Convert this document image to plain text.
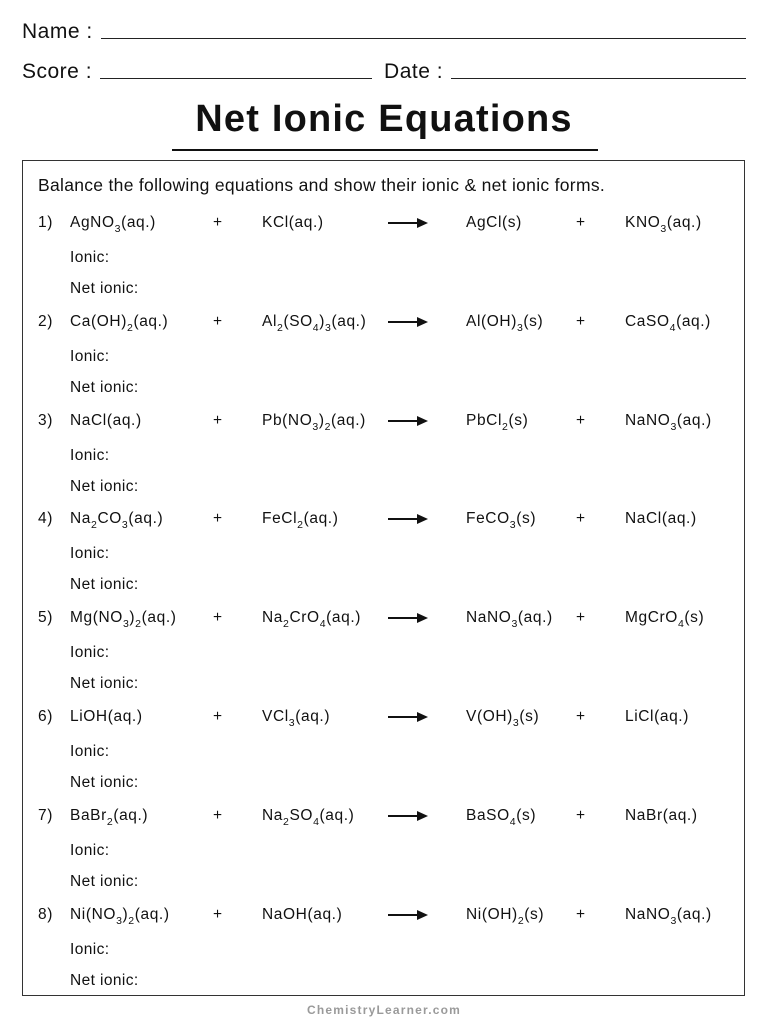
Name :
Score :	Date :
Net Ionic Equations
Balance the following equations and show their ionic & net ionic forms.
1) AgNO$_3$(aq.)	+	KCl(aq.)	AgCl(s)	+	$KNO_3(aq.)$
Ionic:
Net ionic:
2) $Ca(OH)_2(aq.)$	+	$Al_2(SO_4)_3(aq.) \to Al(OH)_3(s)$ +	CaSO$_4$(aq.)
Ionic:
Net ionic:
3) NaCl(aq.)	+	$Pb(NO_3)_2(aq.)$ → PbCl$_2$(s)	+	NaNO$_3$(aq.)
Ionic:
Net ionic:
4) $Na_2CO_3(aq.)$	+	FeCl$_2$(aq.)	FeCO$_3$(s)	+	NaCl(aq.)
Ionic:
Net ionic:
5) $Mg(NO_3)_2(aq.)$ +	$Na_2CrO_4(aq.)$	NaNO$_3$(aq.) +	MgCrO$_4$(s)
Ionic:
Net ionic:
6) LiOH(aq.)	+	VCl$_3$(aq.)	$V(OH)_3(s)$ +	LiCl(aq.)
Ionic:
Net ionic:
7) BaBr$_2$(aq.)	+	$Na_2SO_4(aq.)$	BaSO$_4$(s)	+	NaBr(aq.)
Ionic:
Net ionic:
8) $Ni(NO_3)_2(aq.)$	+	NaOH(aq.)	$Ni(OH)_2(s)$ +	NaNO$_3$(aq.)
Ionic:
Net ionic:
ChemistryLearner.com
